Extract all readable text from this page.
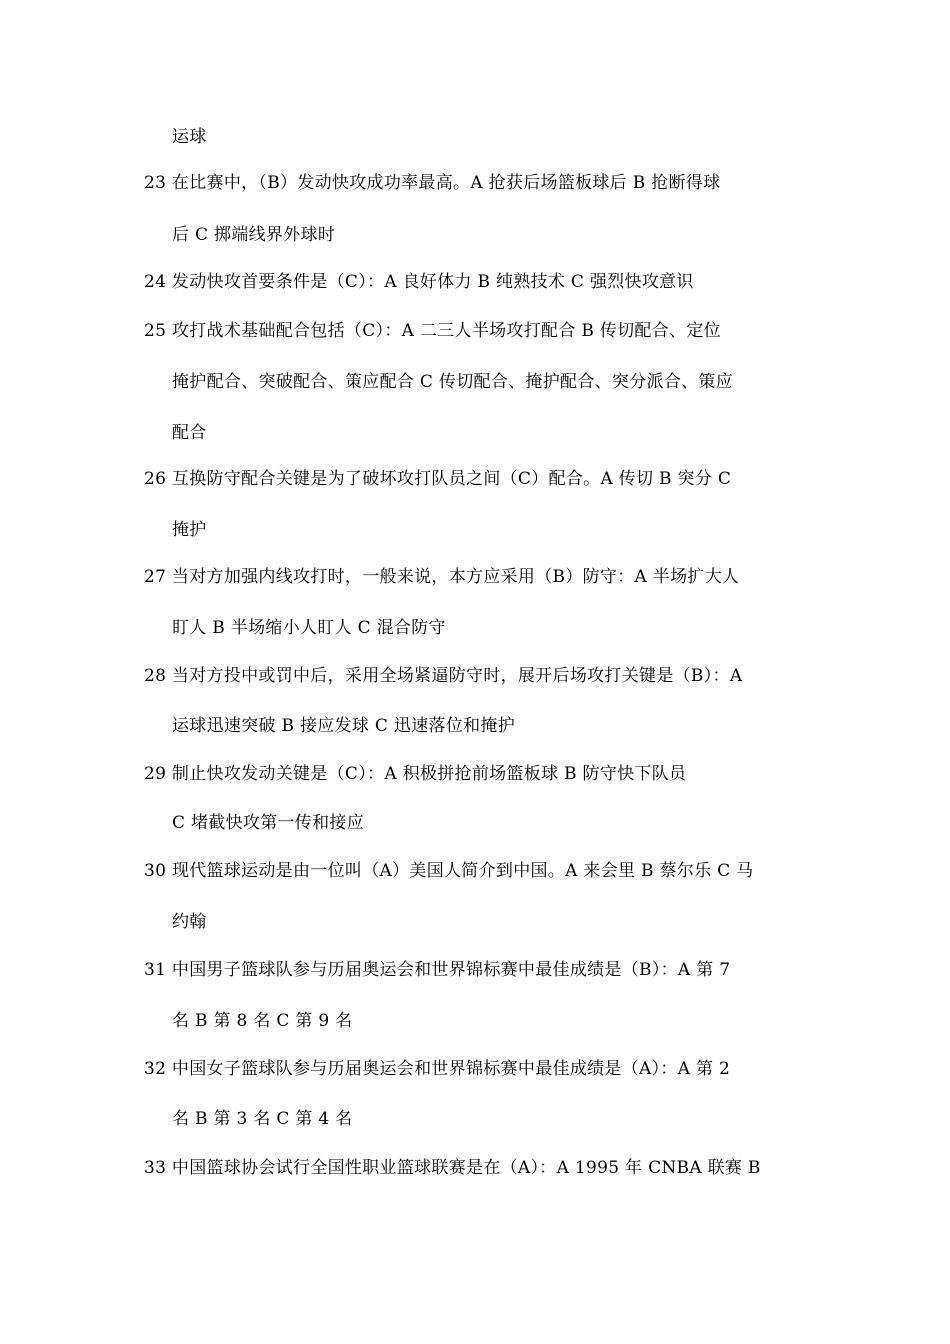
运球
23 在比赛中，（B）发动快攻成功率最高。A 抢获后场篮板球后 B 抢断得球
后 C 掷端线界外球时
24 发动快攻首要条件是（C）：A 良好体力 B 纯熟技术 C 强烈快攻意识
25 攻打战术基础配合包括（C）：A 二三人半场攻打配合 B 传切配合、定位
掩护配合、突破配合、策应配合 C 传切配合、掩护配合、突分派合、策应
配合
26 互换防守配合关键是为了破坏攻打队员之间（C）配合。A 传切 B 突分 C
掩护
27 当对方加强内线攻打时，一般来说，本方应采用（B）防守：A 半场扩大人
盯人 B 半场缩小人盯人 C 混合防守
28 当对方投中或罚中后，采用全场紧逼防守时，展开后场攻打关键是（B）：A
运球迅速突破 B 接应发球 C 迅速落位和掩护
29 制止快攻发动关键是（C）：A 积极拼抢前场篮板球 B 防守快下队员
C 堵截快攻第一传和接应
30 现代篮球运动是由一位叫（A）美国人简介到中国。A 来会里 B 蔡尔乐 C 马
约翰
31 中国男子篮球队参与历届奥运会和世界锦标赛中最佳成绩是（B）：A 第 7
名 B 第 8 名 C 第 9 名
32 中国女子篮球队参与历届奥运会和世界锦标赛中最佳成绩是（A）：A 第 2
名 B 第 3 名 C 第 4 名
33 中国篮球协会试行全国性职业篮球联赛是在（A）：A 1995 年 CNBA 联赛 B
